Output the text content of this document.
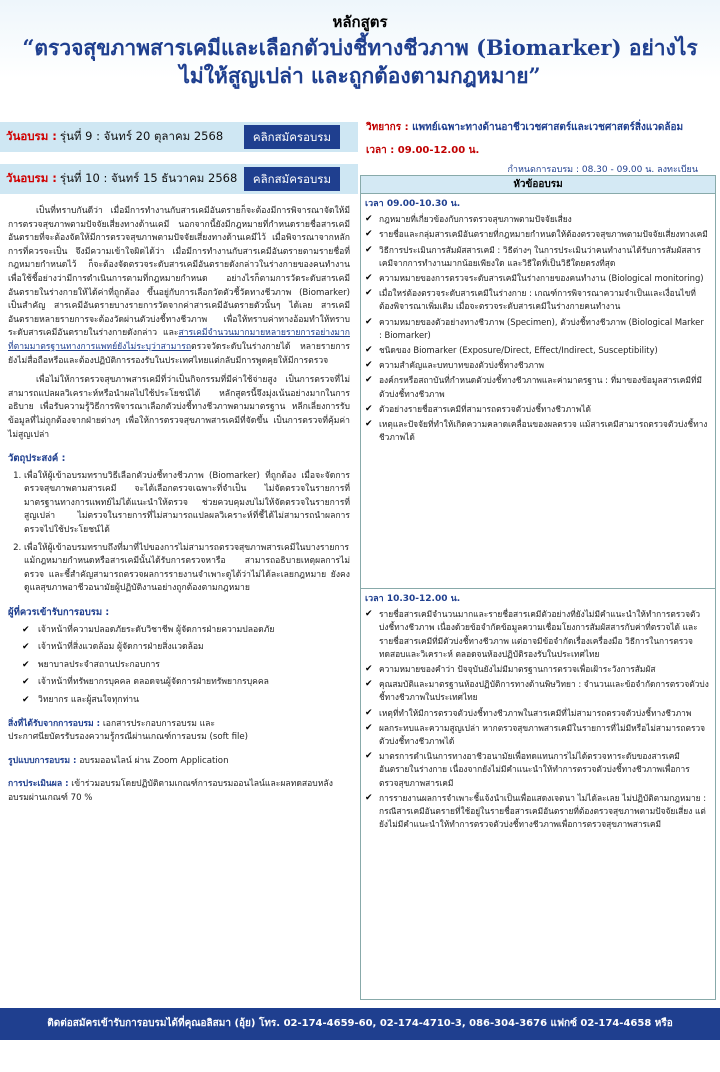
หลักสูตร
“ตรวจสุขภาพสารเคมีและเลือกตัวบ่งชี้ทางชีวภาพ (Biomarker) อย่างไร
ไม่ให้สูญเปล่า และถูกต้องตามกฎหมาย”
วันอบรม : รุ่นที่ 9 : จันทร์ 20 ตุลาคม 2568	คลิกสมัครอบรม
วันอบรม : รุ่นที่ 10 : จันทร์ 15 ธันวาคม 2568	คลิกสมัครอบรม
วิทยากร : แพทย์เฉพาะทางด้านอาชีวเวชศาสตร์และเวชศาสตร์สิ่งแวดล้อม
เวลา : 09.00-12.00 น.
กำหนดการอบรม : 08.30 - 09.00 น. ลงทะเบียน

เป็นที่ทราบกันดีว่า เมื่อมีการทำงานกับสารเคมีอันตรายก็จะต้องมีการพิจารณาจัดให้มีการตรวจสุขภาพตามปัจจัยเสี่ยงทางด้านเคมี นอกจากนี้ยังมีกฎหมายที่กำหนดรายชื่อสารเคมีอันตรายที่จะต้องจัดให้มีการตรวจสุขภาพตามปัจจัยเสี่ยงทางด้านเคมีไว้ เมื่อพิจารณาจากหลักการที่ควรจะเป็น จึงมีความเข้าใจผิดได้ว่า เมื่อมีการทำงานกับสารเคมีอันตรายตามรายชื่อที่กฎหมายกำหนดไว้ ก็จะต้องจัดตรวจระดับสารเคมีอันตรายดังกล่าวในร่างกายของคนทำงานเพื่อใช้ชี้อย่างว่ามีการดำเนินการตามที่กฎหมายกำหนด อย่างไรก็ตามการวัดระดับสารเคมีอันตรายในร่างกายให้ได้ค่าที่ถูกต้อง ขึ้นอยู่กับการเลือกวัดตัวชี้วัดทางชีวภาพ (Biomarker) เป็นสำคัญ สารเคมีอันตรายบางรายการวัดจากค่าสารเคมีอันตรายตัวนั้นๆ ได้เลย สารเคมีอันตรายหลายรายการจะต้องวัดผ่านตัวบ่งชี้ทางชีวภาพ เพื่อให้ทราบค่าทางอ้อมทำให้ทราบระดับสารเคมีอันตรายในร่างกายดังกล่าว และสารเคมีจำนวนมากมายหลายรายการอย่างมากที่ตามมาตรฐานทางการแพทย์ยังไม่ระบุว่าสามารถตรวจวัดระดับในร่างกายได้ หลายรายการยังไม่สื่อถือหรือและต้องปฏิบัติการรองรับในประเทศไทยแต่กลับมีการพูดคุยให้มีการตรวจ

เพื่อไม่ให้การตรวจสุขภาพสารเคมีที่ว่าเป็นกิจกรรมที่มีค่าใช้จ่ายสูง เป็นการตรวจที่ไม่สามารถแปลผลวิเคราะห์หรือนำผลไปใช้ประโยชน์ได้ หลักสูตรนี้จึงมุ่งเน้นอย่างมากในการอธิบาย เพื่อรับความรู้วิธีการพิจารณาเลือกตัวบ่งชี้ทางชีวภาพตามมาตรฐาน หลีกเลี่ยงการรับข้อมูลที่ไม่ถูกต้องจากฝ่ายต่างๆ เพื่อให้การตรวจสุขภาพสารเคมีที่จัดขึ้น เป็นการตรวจที่คุ้มค่า ไม่สูญเปล่า

วัตถุประสงค์ :
1. เพื่อให้ผู้เข้าอบรมทราบวิธีเลือกตัวบ่งชี้ทางชีวภาพ (Biomarker) ที่ถูกต้อง เมื่อจะจัดการตรวจสุขภาพตามสารเคมี จะได้เลือกตรวจเฉพาะที่จำเป็น ไม่จัดตรวจในรายการที่มาตรฐานทางการแพทย์ไม่ได้แนะนำให้ตรวจ ช่วยควบคุมงบไม่ให้จัดตรวจในรายการที่สูญเปล่า ไม่ตรวจในรายการที่ไม่สามารถแปลผลวิเคราะห์ที่ชี้ได้ไม่สามารถนำผลการตรวจไปใช้ประโยชน์ได้
2. เพื่อให้ผู้เข้าอบรมทราบถึงที่มาที่ไปของการไม่สามารถตรวจสุขภาพสารเคมีในบางรายการแม้กฎหมายกำหนดหรือสารเคมีนั้นได้รับการตรวจหารือ สามารถอธิบายเหตุผลการไม่ตรวจ และชี้สำคัญสามารถตรวจผลการรายงานจำเพาะดูได้ว่าไม่ได้ละเลยกฎหมาย ยังคงดูแลสุขภาพอาชีวอนามัยผู้ปฏิบัติงานอย่างถูกต้องตามกฎหมาย
ผู้ที่ควรเข้ารับการอบรม :
✔ เจ้าหน้าที่ความปลอดภัยระดับวิชาชีพ ผู้จัดการฝ่ายความปลอดภัย
✔ เจ้าหน้าที่สิ่งแวดล้อม ผู้จัดการฝ่ายสิ่งแวดล้อม
✔ พยาบาลประจำสถานประกอบการ
✔ เจ้าหน้าที่ทรัพยากรบุคคล ตลอดจนผู้จัดการฝ่ายทรัพยากรบุคคล
✔ วิทยากร และผู้สนใจทุกท่าน
สิ่งที่ได้รับจากการอบรม : เอกสารประกอบการอบรม และ
ประกาศนียบัตรรับรองความรู้กรณีผ่านเกณฑ์การอบรม (soft file)
รูปแบบการอบรม : อบรมออนไลน์ ผ่าน Zoom Application
การประเมินผล : เข้าร่วมอบรมโดยปฏิบัติตามเกณฑ์การอบรมออนไลน์และผลทดสอบหลังอบรมผ่านเกณฑ์ 70 %
หัวข้ออบรม
เวลา 09.00-10.30 น.
✔ กฎหมายที่เกี่ยวข้องกับการตรวจสุขภาพตามปัจจัยเสี่ยง
✔ รายชื่อและกลุ่มสารเคมีอันตรายที่กฎหมายกำหนดให้ต้องตรวจสุขภาพตามปัจจัยเสี่ยงทางเคมี
✔ วิธีการประเมินการสัมผัสสารเคมี : วิธีต่างๆ ในการประเมินว่าคนทำงานได้รับการสัมผัสสารเคมีจากการทำงานมากน้อยเพียงใด และวิธีใดที่เป็นวิธีใดยตรงที่สุด
✔ ความหมายของการตรวจระดับสารเคมีในร่างกายของคนทำงาน (Biological monitoring)
✔ เมื่อใหร่ต้องตรวจระดับสารเคมีในร่างกาย : เกณฑ์การพิจารณาความจำเป็นและเงื่อนไขที่ต้องพิจารณาเพิ่มเติม เมื่อจะตรวจระดับสารเคมีในร่างกายคนทำงาน
✔ ความหมายของตัวอย่างทางชีวภาพ (Specimen), ตัวบ่งชี้ทางชีวภาพ (Biological Marker : Biomarker)
✔ ชนิดของ Biomarker (Exposure/Direct, Effect/Indirect, Susceptibility)
✔ ความสำคัญและบทบาทของตัวบ่งชี้ทางชีวภาพ
✔ องค์กรหรือสถาบันที่กำหนดตัวบ่งชี้ทางชีวภาพและค่ามาตรฐาน : ที่มาของข้อมูลสารเคมีที่มีตัวบ่งชี้ทางชีวภาพ
✔ ตัวอย่างรายชื่อสารเคมีที่สามารถตรวจตัวบ่งชี้ทางชีวภาพได้
✔ เหตุและปัจจัยที่ทำให้เกิดความคลาดเคลื่อนของผลตรวจ แม้สารเคมีสามารถตรวจตัวบ่งชี้ทางชีวภาพได้
เวลา 10.30-12.00 น.
✔ รายชื่อสารเคมีจำนวนมากและรายชื่อสารเคมีตัวอย่างที่ยังไม่มีคำแนะนำให้ทำการตรวจตัวบ่งชี้ทางชีวภาพ เนื่องด้วยข้อจำกัดข้อมูลความเชื่อมโยงการสัมผัสสารกับค่าที่ตรวจได้ และรายชื่อสารเคมีที่มีตัวบ่งชี้ทางชีวภาพ แต่อาจมีข้อจำกัดเรื่องเครื่องมือ วิธีการในการตรวจทดสอบและวิเคราะห์ ตลอดจนห้องปฏิบัติรองรับในประเทศไทย
✔ ความหมายของคำว่า ปัจจุบันยังไม่มีมาตรฐานการตรวจเพื่อเฝ้าระวังการสัมผัส
✔ คุณสมบัติและมาตรฐานห้องปฏิบัติการทางด้านพิษวิทยา : จำนวนและข้อจำกัดการตรวจตัวบ่งชี้ทางชีวภาพในประเทศไทย
✔ เหตุที่ทำให้มีการตรวจตัวบ่งชี้ทางชีวภาพในสารเคมีที่ไม่สามารถตรวจตัวบ่งชี้ทางชีวภาพ
✔ ผลกระทบและความสูญเปล่า หากตรวจสุขภาพสารเคมีในรายการที่ไม่มีหรือไม่สามารถตรวจตัวบ่งชี้ทางชีวภาพได้
✔ มาตรการดำเนินการทางอาชีวอนามัยเพื่อทดแทนการไม่ได้ตรวจหาระดับของสารเคมีอันตรายในร่างกาย เนื่องจากยังไม่มีคำแนะนำให้ทำการตรวจตัวบ่งชี้ทางชีวภาพเพื่อการตรวจสุขภาพสารเคมี
✔ การรายงานผลการจำเพาะชี้แจ้งนำเป็นเพื่อแสดงเจตนา ไม่ได้ละเลย ไม่ปฏิบัติตามกฎหมาย : กรณีสารเคมีอันตรายที่ใช้อยู่ในรายชื่อสารเคมีอันตรายที่ต้องตรวจสุขภาพตามปัจจัยเสี่ยง แต่ยังไม่มีคำแนะนำให้ทำการตรวจตัวบ่งชี้ทางชีวภาพเพื่อการตรวจสุขภาพสารเคมี
ติดต่อสมัครเข้ารับการอบรมได้ที่คุณอลิสมา (อุ้ย) โทร. 02-174-4659-60, 02-174-4710-3, 086-304-3676 แฟกซ์ 02-174-4658 หรือ myadmin@siamsafety.com
